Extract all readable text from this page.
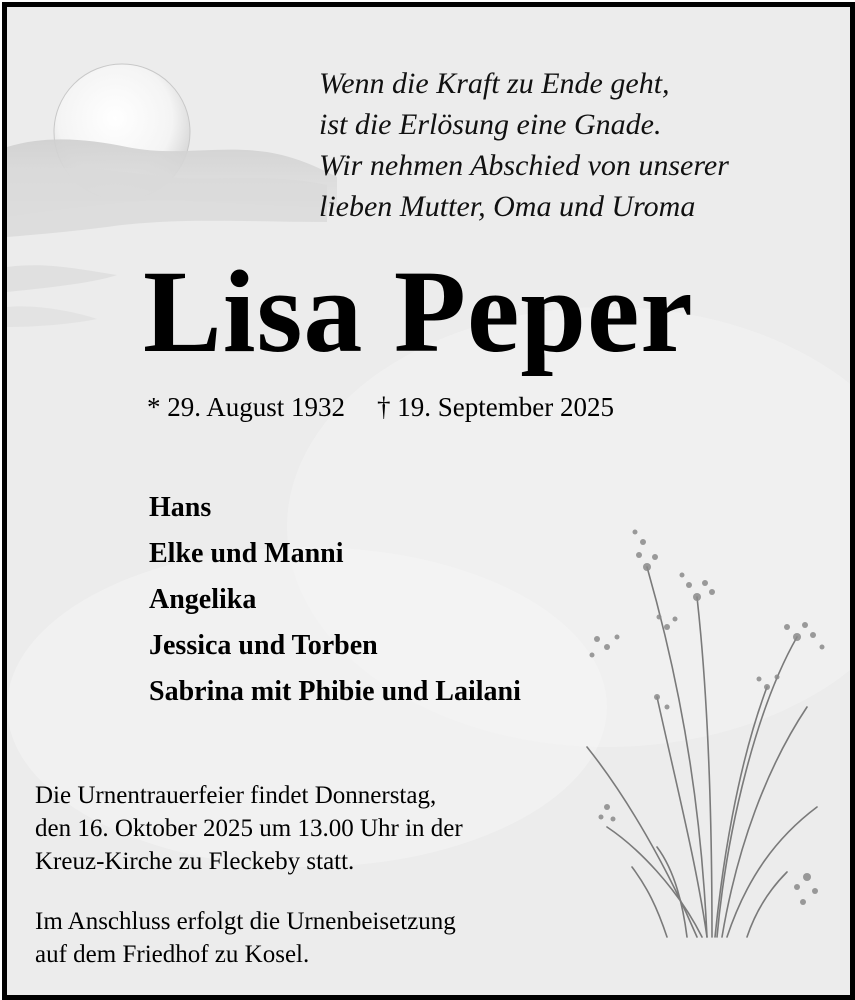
Wenn die Kraft zu Ende geht,
ist die Erlösung eine Gnade.
Wir nehmen Abschied von unserer
lieben Mutter, Oma und Uroma
Lisa Peper
* 29. August 1932 † 19. September 2025
Hans
Elke und Manni
Angelika
Jessica und Torben
Sabrina mit Phibie und Lailani
Die Urnentrauerfeier findet Donnerstag,
den 16. Oktober 2025 um 13.00 Uhr in der
Kreuz-Kirche zu Fleckeby statt.
Im Anschluss erfolgt die Urnenbeisetzung
auf dem Friedhof zu Kosel.
